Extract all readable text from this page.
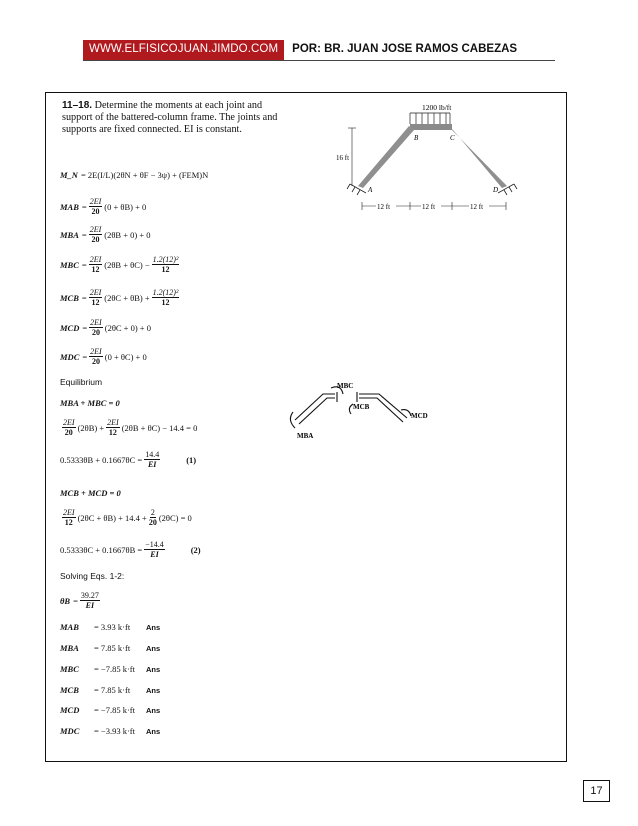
WWW.ELFISICOJUAN.JIMDO.COM	POR: BR. JUAN JOSE RAMOS CABEZAS
11–18. Determine the moments at each joint and support of the battered-column frame. The joints and supports are fixed connected. EI is constant.
1200 lb/ft
B	C
A	D
16 ft
12 ft	12 ft	12 ft
M_N = 2E(I/L)(2θN + θF − 3ψ) + (FEM)N
MAB = $\frac{2EI}{20} (0 + \theta B) + 0$
MBA = $\frac{2EI}{20} (2\theta B + 0) + 0$
MBC = $\frac{2EI}{12} (2\theta B + \theta C) - \frac{\text{1.2(12)²}}{12}$
MCB = $\frac{2EI}{12} (2\theta C + \theta B) + \frac{\text{1.2(12)²}}{12}$
MCD = $\frac{2EI}{20} (2\theta C + 0) + 0$
MDC = $\frac{2EI}{20} (0 + \theta C) + 0$
Equilibrium
MBA + MBC = 0
$\frac{2EI}{20} (2\theta B) + \frac{2EI}{12} (2\theta B + \theta C) - 14.4 = 0$
$0.5333\theta B + 0.1667\theta C = \frac{14.4}{EI}$	(1)
MCB + MCD = 0
$\frac{2EI}{12} (2\theta C + \theta B) + 14.4 + \frac{2}{20} (2\theta C) = 0$
$0.5333\theta C + 0.1667\theta B = \frac{-14.4}{EI}$	(2)
Solving Eqs. 1-2:
$\theta B = \frac{39.27}{EI}$
MAB = 3.93 k·ft Ans
MBA = 7.85 k·ft Ans
MBC = −7.85 k·ft Ans
MCB = 7.85 k·ft Ans
MCD = −7.85 k·ft Ans
MDC = −3.93 k·ft Ans
MBC
MCB
MCD
MBA
17
